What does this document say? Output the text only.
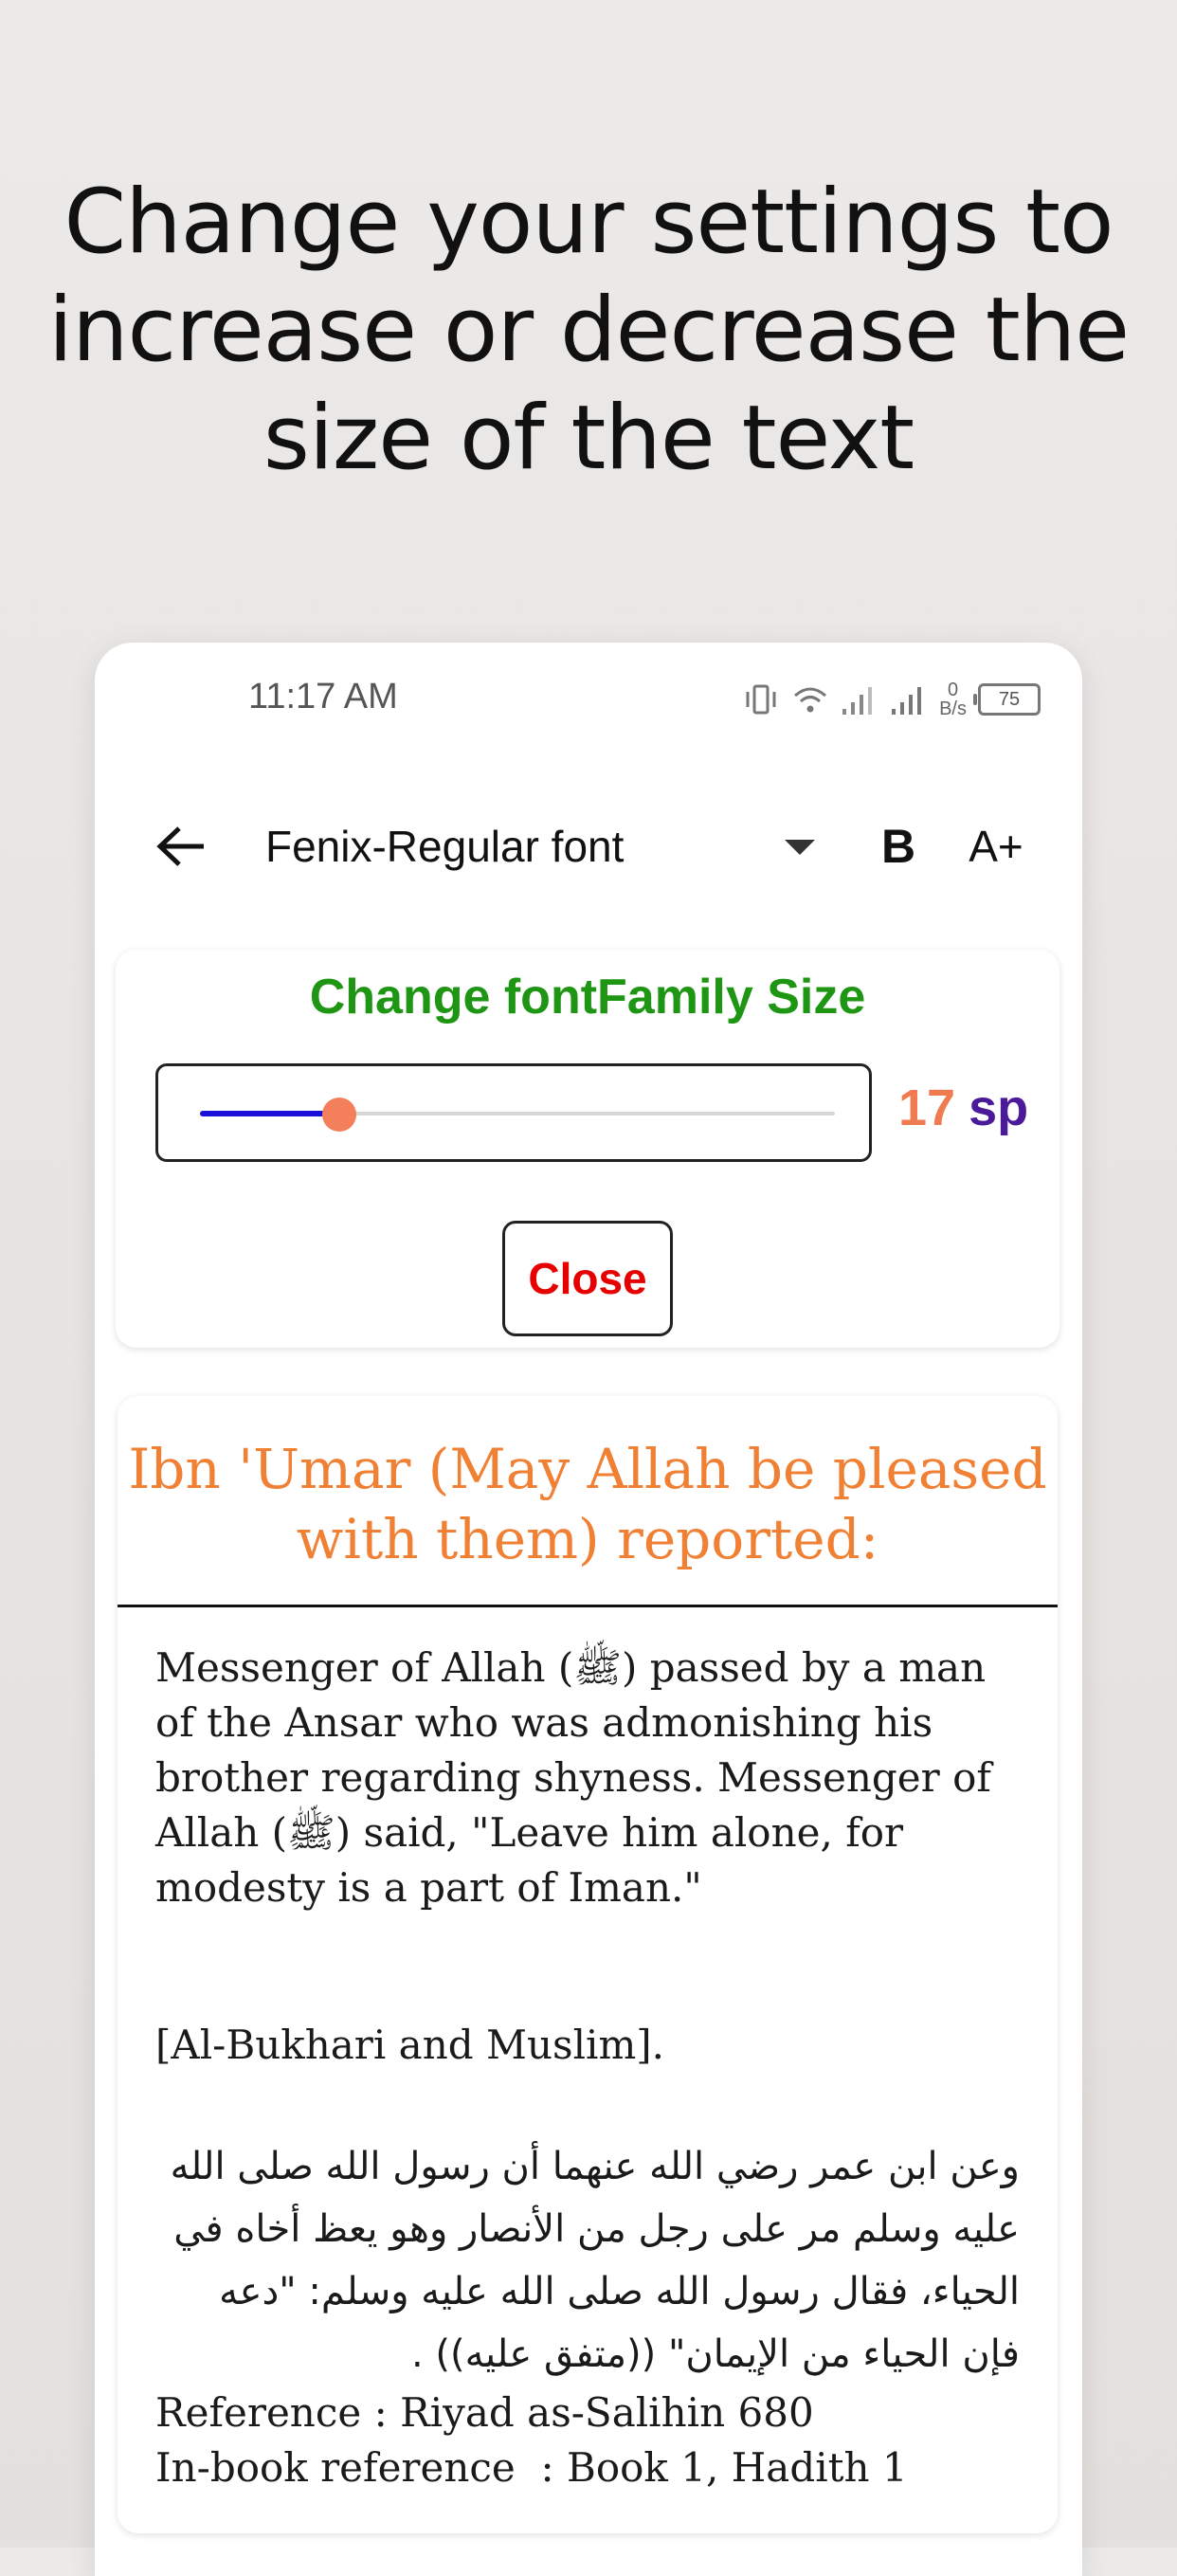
Change your settings to increase or decrease the size of the text
11:17 AM	0
B/s	75
Fenix-Regular font	B	A+
Change fontFamily Size
17 sp
Close
Ibn 'Umar (May Allah be pleased with them) reported:
Messenger of Allah (ﷺ) passed by a man of the Ansar who was admonishing his brother regarding shyness. Messenger of Allah (ﷺ) said, "Leave him alone, for modesty is a part of Iman."
[Al-Bukhari and Muslim].
وعن ابن عمر رضي الله عنهما أن رسول الله صلى الله عليه وسلم مر على رجل من الأنصار وهو يعظ أخاه في الحياء، فقال رسول الله صلى الله عليه وسلم: "دعه فإن الحياء من الإيمان" ((متفق عليه)) .
Reference : Riyad as-Salihin 680
In-book reference  : Book 1, Hadith 1
